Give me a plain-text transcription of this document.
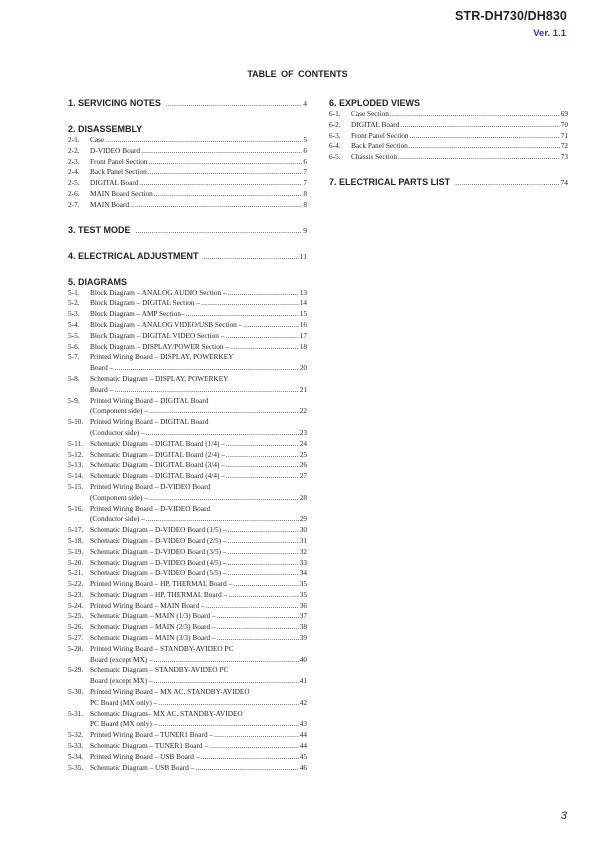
STR-DH730/DH830
Ver. 1.1
TABLE OF CONTENTS
1. SERVICING NOTES .....	4
2. DISASSEMBLY
2-1.	Case .....	5
2-2.	D-VIDEO Board .....	6
2-3.	Front Panel Section .....	6
2-4.	Back Panel Section .....	7
2-5.	DIGITAL Board .....	7
2-6.	MAIN Board Section .....	8
2-7.	MAIN Board .....	8
3. TEST MODE .....	9
4. ELECTRICAL ADJUSTMENT .....	11
5. DIAGRAMS
5-1.	Block Diagram – ANALOG AUDIO Section – .....	13
5-2.	Block Diagram – DIGITAL Section – .....	14
5-3.	Block Diagram – AMP Section– .....	15
5-4.	Block Diagram – ANALOG VIDEO/USB Section – .....	16
5-5.	Block Diagram – DIGITAL VIDEO Section – .....	17
5-6.	Block Diagram – DISPLAY/POWER Section – .....	18
5-7.	Printed Wiring Board – DISPLAY, POWERKEY
Board – .....	20
5-8.	Schematic Diagram – DISPLAY, POWERKEY
Board – .....	21
5-9.	Printed Wiring Board – DIGITAL Board
(Component side) – .....	22
5-10. Printed Wiring Board – DIGITAL Board
(Conductor side) – .....	23
5-11. Schematic Diagram – DIGITAL Board (1/4) – .....	24
5-12. Schematic Diagram – DIGITAL Board (2/4) – .....	25
5-13. Schematic Diagram – DIGITAL Board (3/4) – .....	26
5-14. Schematic Diagram – DIGITAL Board (4/4) – .....	27
5-15. Printed Wiring Board – D-VIDEO Board
(Component side) – .....	28
5-16. Printed Wiring Board – D-VIDEO Board
(Conductor side) – .....	29
5-17. Schematic Diagram – D-VIDEO Board (1/5) – .....	30
5-18. Schematic Diagram – D-VIDEO Board (2/5) – .....	31
5-19. Schematic Diagram – D-VIDEO Board (3/5) – .....	32
5-20. Schematic Diagram – D-VIDEO Board (4/5) – .....	33
5-21. Schematic Diagram – D-VIDEO Board (5/5) – .....	34
5-22. Printed Wiring Board – HP, THERMAL Board – .....	35
5-23. Schematic Diagram – HP, THERMAL Board – .....	35
5-24. Printed Wiring Board – MAIN Board – .....	36
5-25. Schematic Diagram – MAIN (1/3) Board – .....	37
5-26. Schematic Diagram – MAIN (2/3) Board – .....	38
5-27. Schematic Diagram – MAIN (3/3) Board – .....	39
5-28. Printed Wiring Board – STANDBY-AVIDEO PC
Board (except MX) – .....	40
5-29. Schematic Diagram – STANDBY-AVIDEO PC
Board (except MX) – .....	41
5-30. Printed Wiring Board – MX AC, STANDBY-AVIDEO
PC Board (MX only) – .....	42
5-31. Schematic Diagram– MX AC, STANDBY-AVIDEO
PC Board (MX only) – .....	43
5-32. Printed Wiring Board – TUNER1 Board – .....	44
5-33. Schematic Diagram – TUNER1 Board – .....	44
5-34. Printed Wiring Board – USB Board – .....	45
5-35. Schematic Diagram – USB Board – .....	46
6. EXPLODED VIEWS
6-1.	Case Section .....	69
6-2.	DIGITAL Board .....	70
6-3.	Front Panel Section .....	71
6-4.	Back Panel Section .....	72
6-5.	Chassis Section .....	73
7. ELECTRICAL PARTS LIST .....	74
3
